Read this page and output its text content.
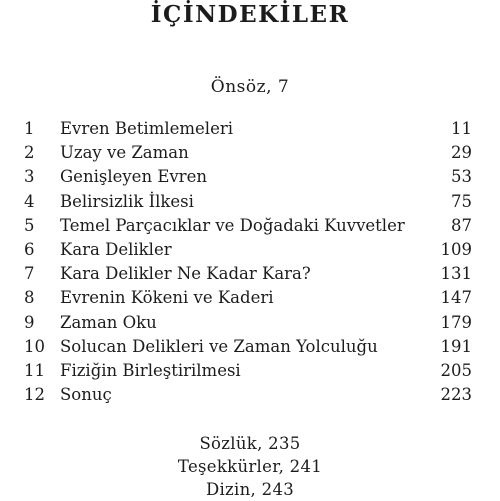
İÇİNDEKİLER
Önsöz, 7
1	Evren Betimlemeleri	11
2	Uzay ve Zaman	29
3	Genişleyen Evren	53
4	Belirsizlik İlkesi	75
5	Temel Parçacıklar ve Doğadaki Kuvvetler	87
6	Kara Delikler	109
7	Kara Delikler Ne Kadar Kara?	131
8	Evrenin Kökeni ve Kaderi	147
9	Zaman Oku	179
10 Solucan Delikleri ve Zaman Yolculuğu	191
11 Fiziğin Birleştirilmesi	205
12 Sonuç	223
Sözlük, 235
Teşekkürler, 241
Dizin, 243
